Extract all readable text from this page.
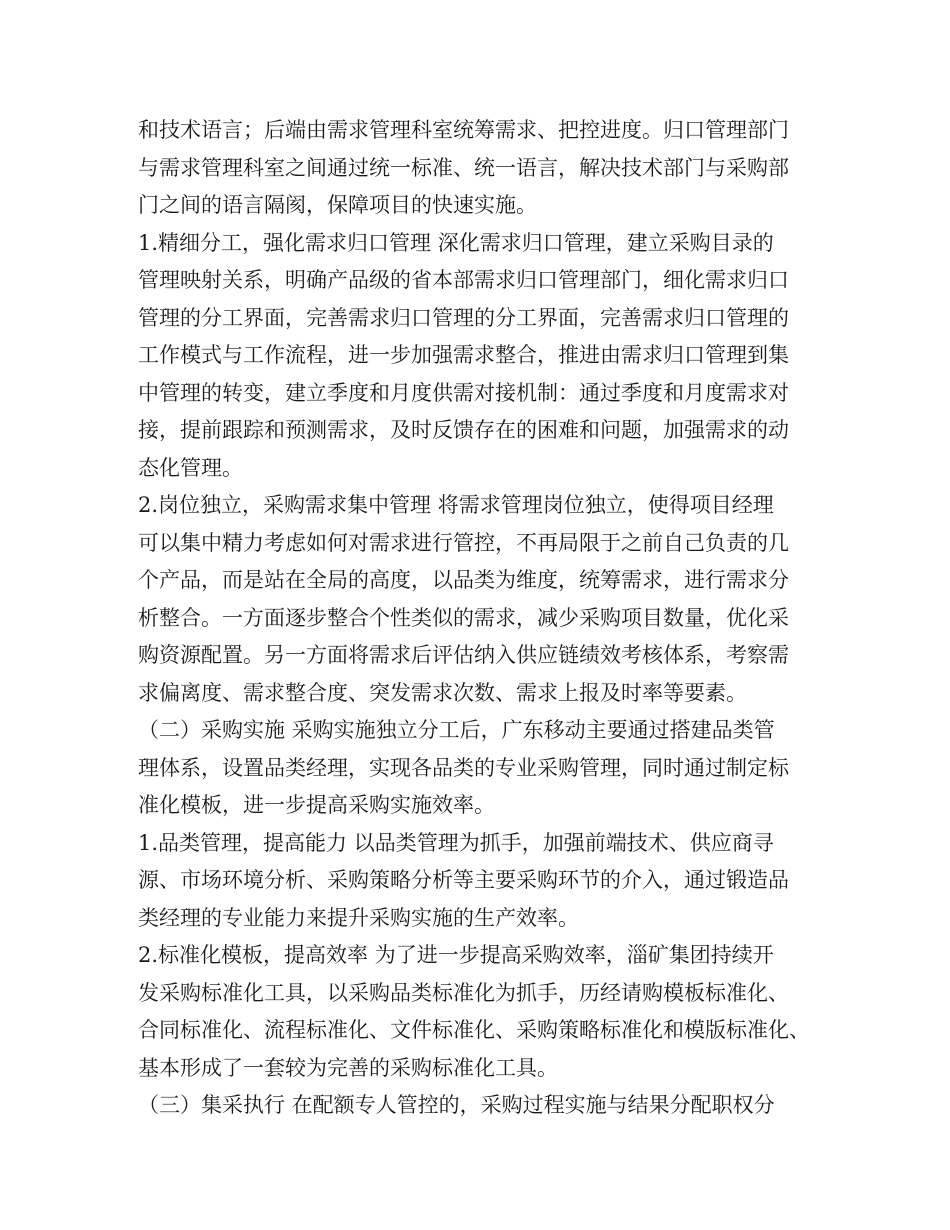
和技术语言；后端由需求管理科室统筹需求、把控进度。归口管理部门
与需求管理科室之间通过统一标准、统一语言，解决技术部门与采购部
门之间的语言隔阂，保障项目的快速实施。
1.精细分工，强化需求归口管理 深化需求归口管理，建立采购目录的
管理映射关系，明确产品级的省本部需求归口管理部门，细化需求归口
管理的分工界面，完善需求归口管理的分工界面，完善需求归口管理的
工作模式与工作流程，进一步加强需求整合，推进由需求归口管理到集
中管理的转变，建立季度和月度供需对接机制：通过季度和月度需求对
接，提前跟踪和预测需求，及时反馈存在的困难和问题，加强需求的动
态化管理。
2.岗位独立，采购需求集中管理 将需求管理岗位独立，使得项目经理
可以集中精力考虑如何对需求进行管控，不再局限于之前自己负责的几
个产品，而是站在全局的高度，以品类为维度，统筹需求，进行需求分
析整合。一方面逐步整合个性类似的需求，减少采购项目数量，优化采
购资源配置。另一方面将需求后评估纳入供应链绩效考核体系，考察需
求偏离度、需求整合度、突发需求次数、需求上报及时率等要素。
（二）采购实施 采购实施独立分工后，广东移动主要通过搭建品类管
理体系，设置品类经理，实现各品类的专业采购管理，同时通过制定标
准化模板，进一步提高采购实施效率。
1.品类管理，提高能力 以品类管理为抓手，加强前端技术、供应商寻
源、市场环境分析、采购策略分析等主要采购环节的介入，通过锻造品
类经理的专业能力来提升采购实施的生产效率。
2.标准化模板，提高效率 为了进一步提高采购效率，淄矿集团持续开
发采购标准化工具，以采购品类标准化为抓手，历经请购模板标准化、
合同标准化、流程标准化、文件标准化、采购策略标准化和模版标准化、
基本形成了一套较为完善的采购标准化工具。
（三）集采执行 在配额专人管控的，采购过程实施与结果分配职权分
